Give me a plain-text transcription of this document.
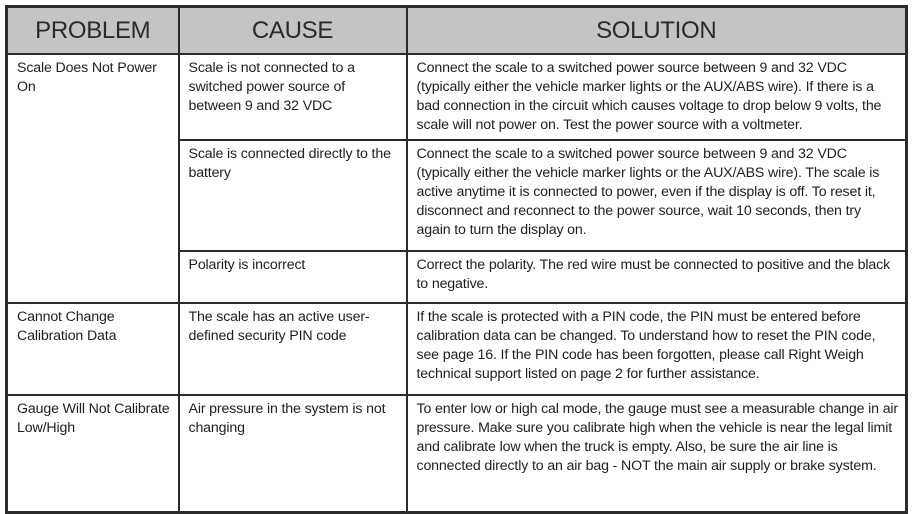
PROBLEM	CAUSE	SOLUTION
Scale Does Not Power On	Scale is not connected to a switched power source of between 9 and 32 VDC	Connect the scale to a switched power source between 9 and 32 VDC (typically either the vehicle marker lights or the AUX/ABS wire). If there is a bad connection in the circuit which causes voltage to drop below 9 volts, the scale will not power on. Test the power source with a voltmeter.
	Scale is connected directly to the battery	Connect the scale to a switched power source between 9 and 32 VDC (typically either the vehicle marker lights or the AUX/ABS wire). The scale is active anytime it is connected to power, even if the display is off. To reset it, disconnect and reconnect to the power source, wait 10 seconds, then try again to turn the display on.
	Polarity is incorrect	Correct the polarity. The red wire must be connected to positive and the black to negative.
Cannot Change Calibration Data	The scale has an active user-defined security PIN code	If the scale is protected with a PIN code, the PIN must be entered before calibration data can be changed. To understand how to reset the PIN code, see page 16. If the PIN code has been forgotten, please call Right Weigh technical support listed on page 2 for further assistance.
Gauge Will Not Calibrate Low/High	Air pressure in the system is not changing	To enter low or high cal mode, the gauge must see a measurable change in air pressure. Make sure you calibrate high when the vehicle is near the legal limit and calibrate low when the truck is empty. Also, be sure the air line is connected directly to an air bag - NOT the main air supply or brake system.
